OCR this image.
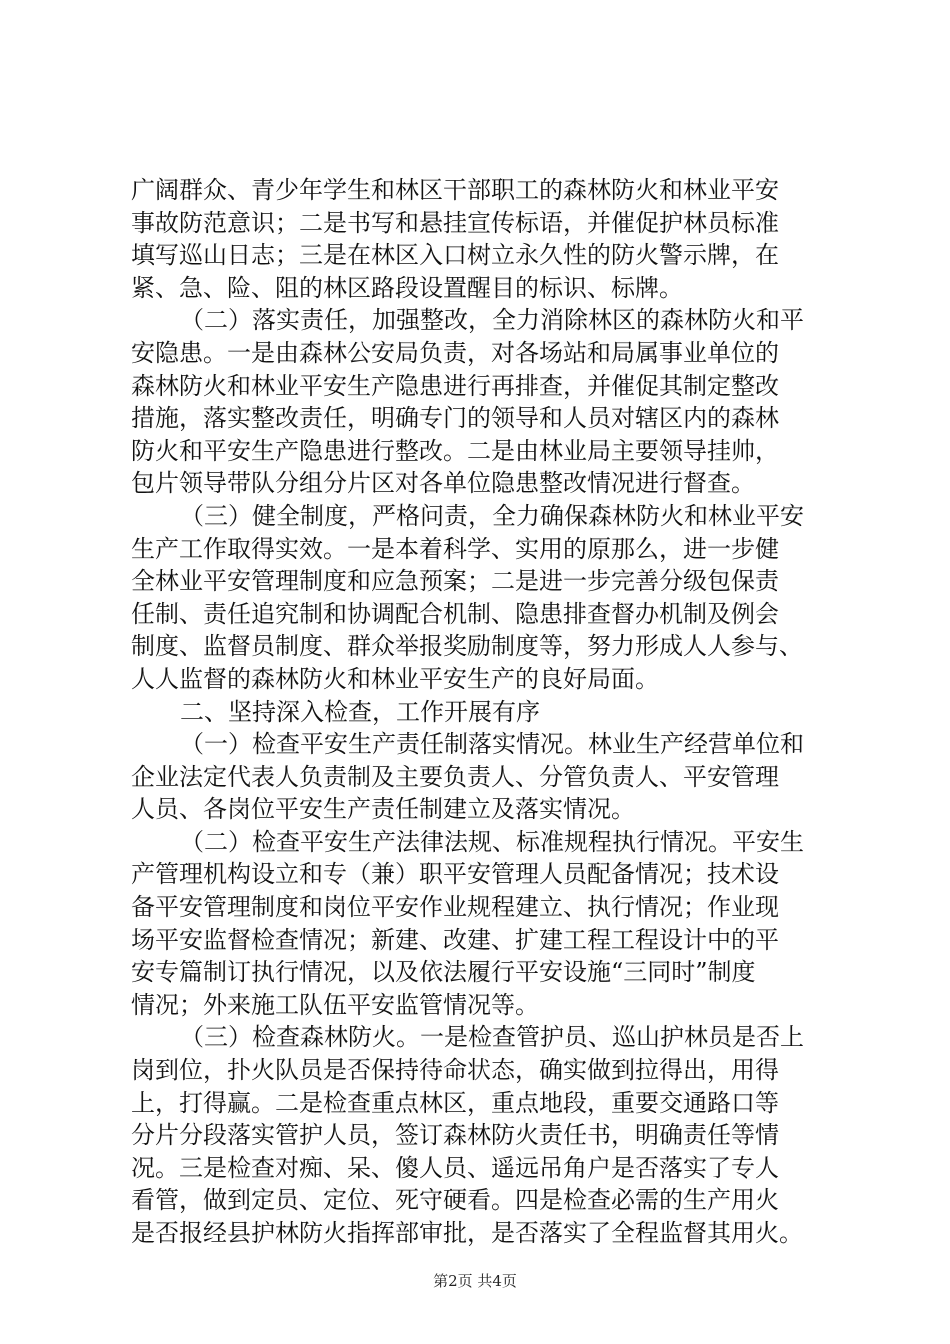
广阔群众、青少年学生和林区干部职工的森林防火和林业平安
事故防范意识；二是书写和悬挂宣传标语，并催促护林员标准
填写巡山日志；三是在林区入口树立永久性的防火警示牌，在
紧、急、险、阻的林区路段设置醒目的标识、标牌。
（二）落实责任，加强整改，全力消除林区的森林防火和平
安隐患。一是由森林公安局负责，对各场站和局属事业单位的
森林防火和林业平安生产隐患进行再排查，并催促其制定整改
措施，落实整改责任，明确专门的领导和人员对辖区内的森林
防火和平安生产隐患进行整改。二是由林业局主要领导挂帅，
包片领导带队分组分片区对各单位隐患整改情况进行督查。
（三）健全制度，严格问责，全力确保森林防火和林业平安
生产工作取得实效。一是本着科学、实用的原那么，进一步健
全林业平安管理制度和应急预案；二是进一步完善分级包保责
任制、责任追究制和协调配合机制、隐患排查督办机制及例会
制度、监督员制度、群众举报奖励制度等，努力形成人人参与、
人人监督的森林防火和林业平安生产的良好局面。
二、坚持深入检查，工作开展有序
（一）检查平安生产责任制落实情况。林业生产经营单位和
企业法定代表人负责制及主要负责人、分管负责人、平安管理
人员、各岗位平安生产责任制建立及落实情况。
（二）检查平安生产法律法规、标准规程执行情况。平安生
产管理机构设立和专（兼）职平安管理人员配备情况；技术设
备平安管理制度和岗位平安作业规程建立、执行情况；作业现
场平安监督检查情况；新建、改建、扩建工程工程设计中的平
安专篇制订执行情况，以及依法履行平安设施“三同时”制度
情况；外来施工队伍平安监管情况等。
（三）检查森林防火。一是检查管护员、巡山护林员是否上
岗到位，扑火队员是否保持待命状态，确实做到拉得出，用得
上，打得赢。二是检查重点林区，重点地段，重要交通路口等
分片分段落实管护人员，签订森林防火责任书，明确责任等情
况。三是检查对痴、呆、傻人员、遥远吊角户是否落实了专人
看管，做到定员、定位、死守硬看。四是检查必需的生产用火
是否报经县护林防火指挥部审批，是否落实了全程监督其用火。
第2页 共4页
